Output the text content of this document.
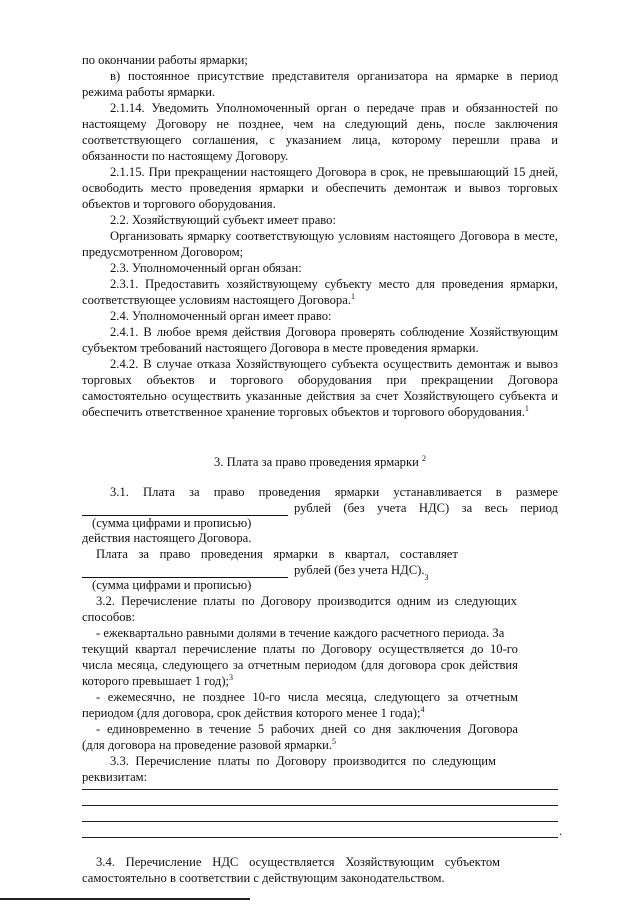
по окончании работы ярмарки;
в) постоянное присутствие представителя организатора на ярмарке в период
режима работы ярмарки.
2.1.14. Уведомить Уполномоченный орган о передаче прав и обязанностей по
настоящему Договору не позднее, чем на следующий день, после заключения
соответствующего соглашения, с указанием лица, которому перешли права и
обязанности по настоящему Договору.
2.1.15. При прекращении настоящего Договора в срок, не превышающий 15 дней,
освободить место проведения ярмарки и обеспечить демонтаж и вывоз торговых
объектов и торгового оборудования.
2.2. Хозяйствующий субъект имеет право:
Организовать ярмарку соответствующую условиям настоящего Договора в месте,
предусмотренном Договором;
2.3. Уполномоченный орган обязан:
2.3.1. Предоставить хозяйствующему субъекту место для проведения ярмарки,
соответствующее условиям настоящего Договора.$^1$
2.4. Уполномоченный орган имеет право:
2.4.1. В любое время действия Договора проверять соблюдение Хозяйствующим
субъектом требований настоящего Договора в месте проведения ярмарки.
2.4.2. В случае отказа Хозяйствующего субъекта осуществить демонтаж и вывоз
торговых объектов и торгового оборудования при прекращении Договора
самостоятельно осуществить указанные действия за счет Хозяйствующего субъекта и
обеспечить ответственное хранение торговых объектов и торгового оборудования.$^1$
3. Плата за право проведения ярмарки $^2$
3.1. Плата за право проведения ярмарки устанавливается в размере
рублей (без учета НДС) за весь период
(сумма цифрами и прописью)
действия настоящего Договора.
Плата за право проведения ярмарки в квартал, составляет
рублей (без учета НДС).
3
(сумма цифрами и прописью)
3.2. Перечисление платы по Договору производится одним из следующих
способов:
- ежеквартально равными долями в течение каждого расчетного периода. За
текущий квартал перечисление платы по Договору осуществляется до 10-го
числа месяца, следующего за отчетным периодом (для договора срок действия
которого превышает 1 год);$^3$
- ежемесячно, не позднее 10-го числа месяца, следующего за отчетным
периодом (для договора, срок действия которого менее 1 года);$^4$
- единовременно в течение 5 рабочих дней со дня заключения Договора
(для договора на проведение разовой ярмарки.$^5$
3.3. Перечисление платы по Договору производится по следующим
реквизитам:
.
3.4. Перечисление НДС осуществляется Хозяйствующим субъектом
самостоятельно в соответствии с действующим законодательством.
